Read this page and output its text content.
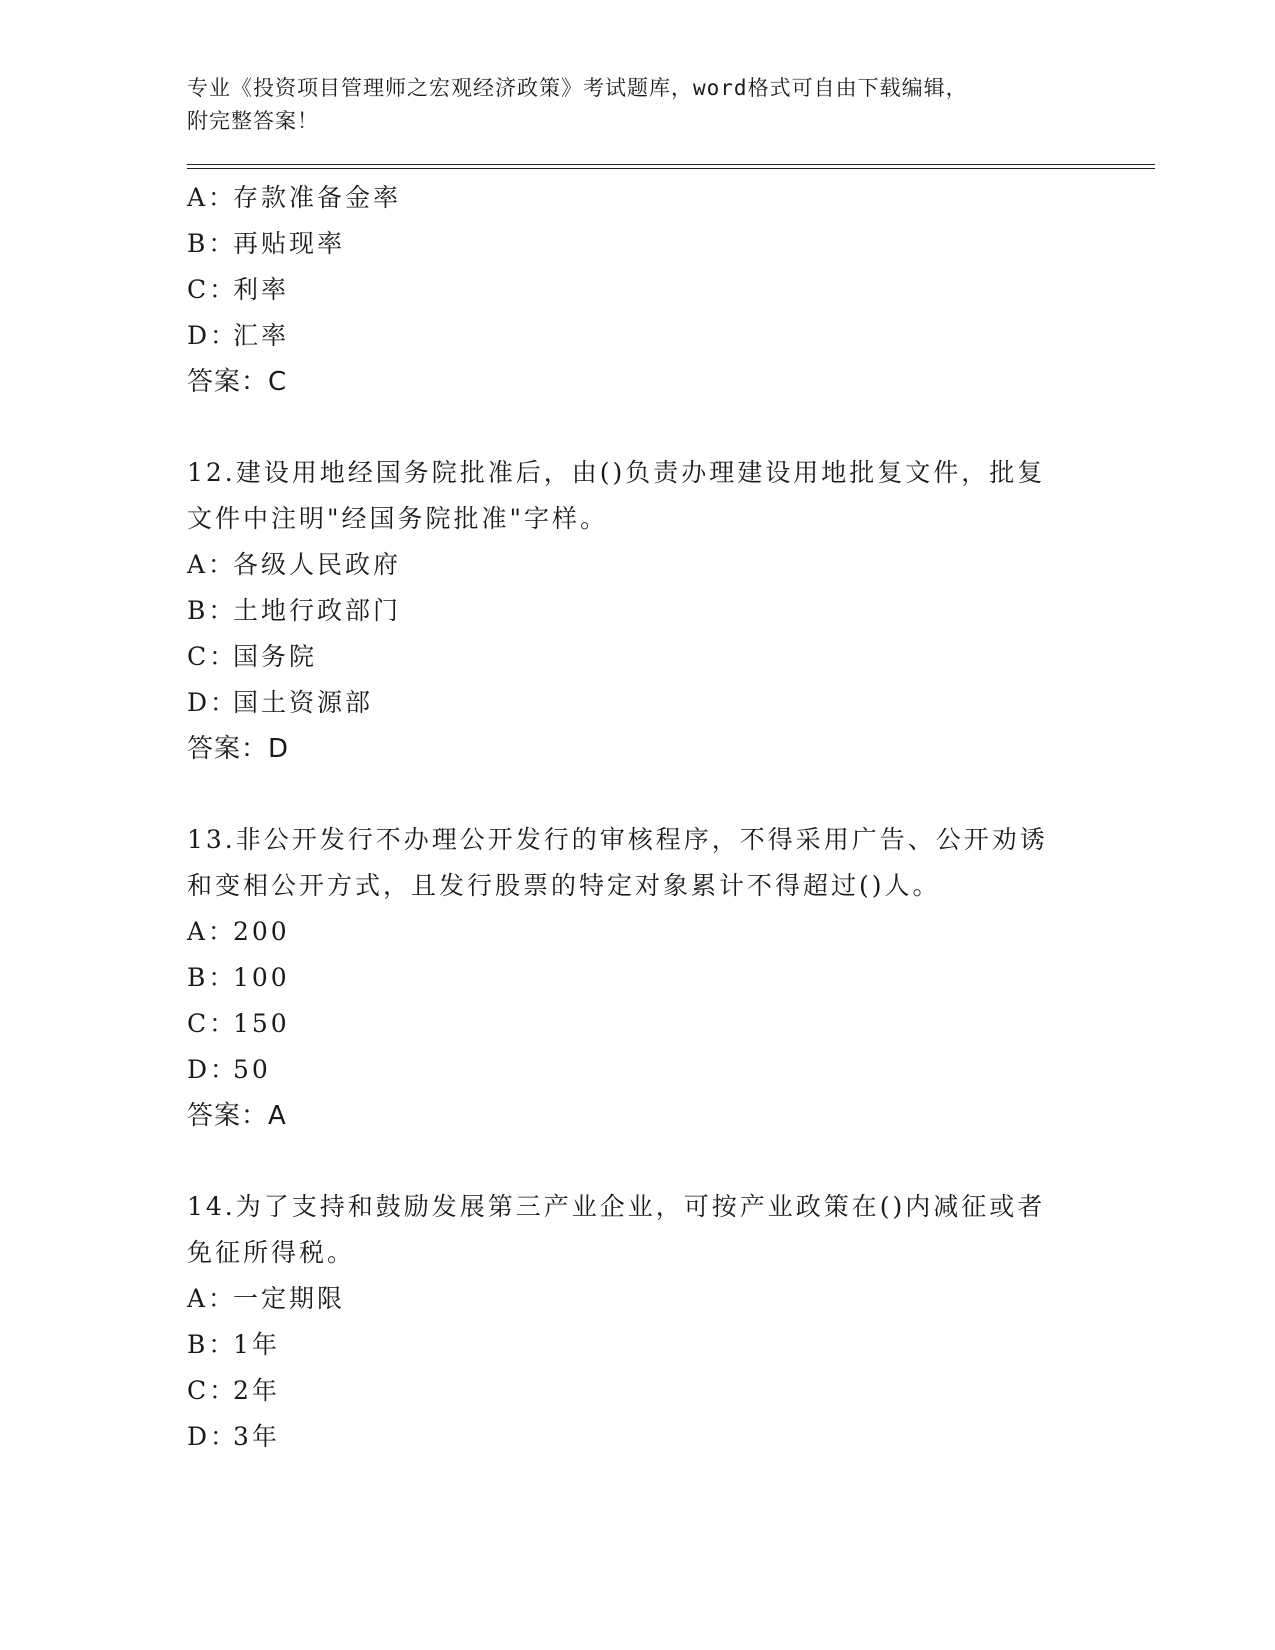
专业《投资项目管理师之宏观经济政策》考试题库，word格式可自由下载编辑，

附完整答案！

A：
存款准备金率

B：
再贴现率

C：
利率

D：
汇率

答案：C

12.建设用地经国务院批准后，由()负责办理建设用地批复文件，批复

文件中注明"经国务院批准"字样。

A：
各级人民政府

B：
土地行政部门

C：
国务院

D：
国土资源部

答案：D

13.非公开发行不办理公开发行的审核程序，不得采用广告、公开劝诱

和变相公开方式，且发行股票的特定对象累计不得超过()人。

A：
200

B：
100

C：
150

D：
50

答案：A

14.为了支持和鼓励发展第三产业企业，可按产业政策在()内减征或者

免征所得税。

A：
一定期限

B：
1年

C：
2年

D：
3年
